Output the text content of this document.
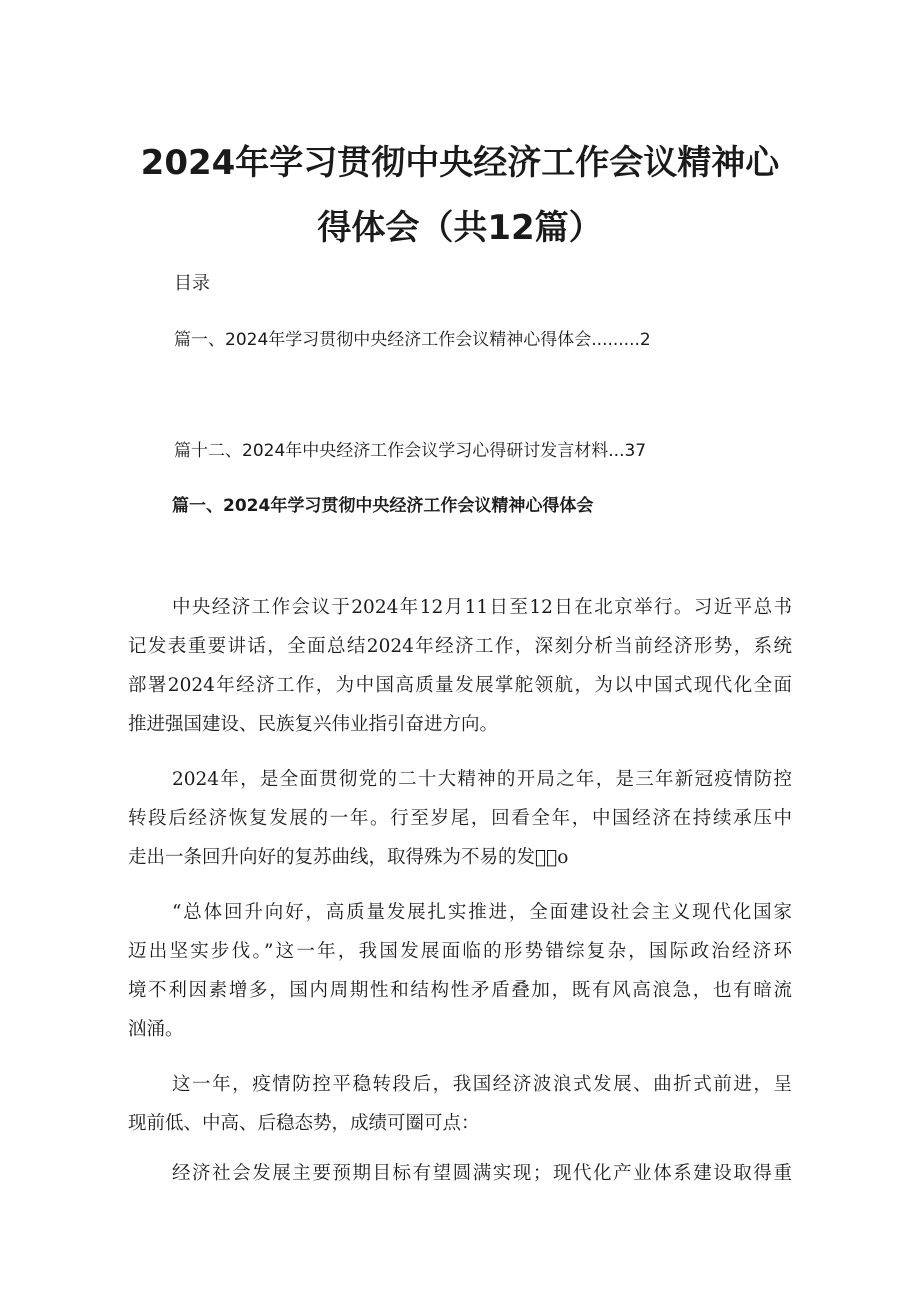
2024年学习贯彻中央经济工作会议精神心
得体会（共12篇）
目录
篇一、2024年学习贯彻中央经济工作会议精神心得体会.........2
篇十二、2024年中央经济工作会议学习心得研讨发言材料...37
篇一、2024年学习贯彻中央经济工作会议精神心得体会
中央经济工作会议于2024年12月11日至12日在北京举行。习近平总书
记发表重要讲话，全面总结2024年经济工作，深刻分析当前经济形势，系统
部署2024年经济工作，为中国高质量发展掌舵领航，为以中国式现代化全面
推进强国建设、民族复兴伟业指引奋进方向。
2024年，是全面贯彻党的二十大精神的开局之年，是三年新冠疫情防控
转段后经济恢复发展的一年。行至岁尾，回看全年，中国经济在持续承压中
走出一条回升向好的复苏曲线，取得殊为不易的发展͌o
“总体回升向好，高质量发展扎实推进，全面建设社会主义现代化国家
迈出坚实步伐。”这一年，我国发展面临的形势错综复杂，国际政治经济环
境不利因素增多，国内周期性和结构性矛盾叠加，既有风高浪急，也有暗流
汹涌。
这一年，疫情防控平稳转段后，我国经济波浪式发展、曲折式前进，呈
现前低、中高、后稳态势，成绩可圈可点：
经济社会发展主要预期目标有望圆满实现；现代化产业体系建设取得重
